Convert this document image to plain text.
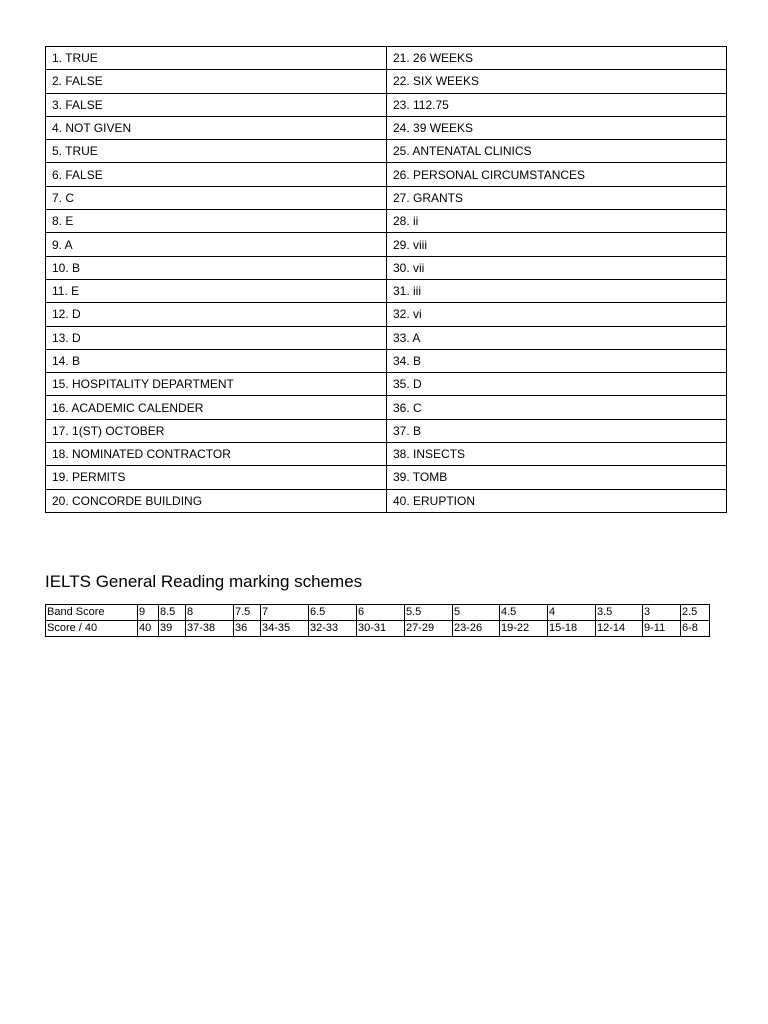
1. TRUE	21. 26 WEEKS
2. FALSE	22. SIX WEEKS
3. FALSE	23. 112.75
4. NOT GIVEN	24. 39 WEEKS
5. TRUE	25. ANTENATAL CLINICS
6. FALSE	26. PERSONAL CIRCUMSTANCES
7. C	27. GRANTS
8. E	28. ii
9. A	29. viii
10. B	30. vii
11. E	31. iii
12. D	32. vi
13. D	33. A
14. B	34. B
15. HOSPITALITY DEPARTMENT	35. D
16. ACADEMIC CALENDER	36. C
17. 1(ST) OCTOBER	37. B
18. NOMINATED CONTRACTOR	38. INSECTS
19. PERMITS	39. TOMB
20. CONCORDE BUILDING	40. ERUPTION
IELTS General Reading marking schemes
Band Score	9	8.5	8	7.5	7	6.5	6	5.5	5	4.5	4	3.5	3	2.5
Score / 40	40	39	37-38	36	34-35	32-33	30-31	27-29	23-26	19-22	15-18	12-14	9-11	6-8
